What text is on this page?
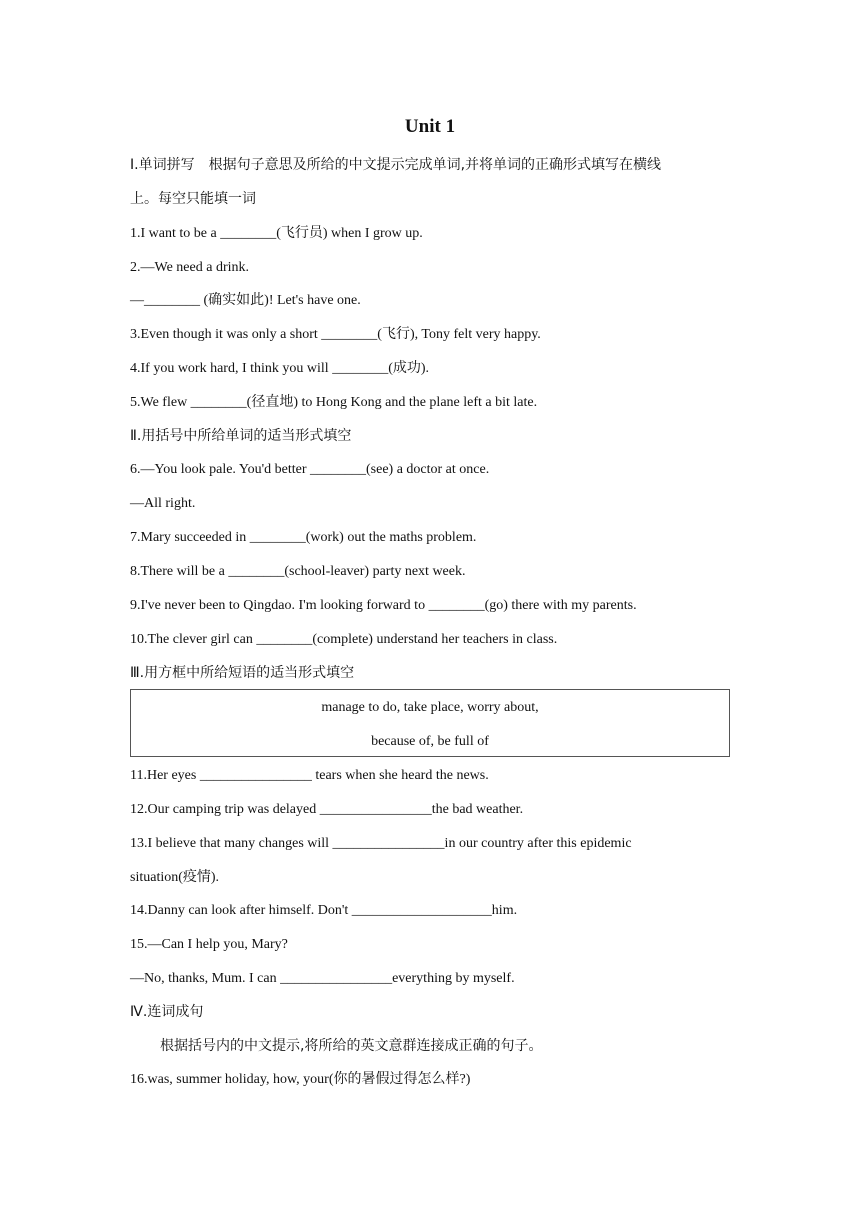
Unit 1
Ⅰ.单词拼写　根据句子意思及所给的中文提示完成单词,并将单词的正确形式填写在横线
上。每空只能填一词
1.I want to be a ________(飞行员) when I grow up.
2.—We need a drink.
—________ (确实如此)! Let's have one.
3.Even though it was only a short ________(飞行), Tony felt very happy.
4.If you work hard, I think you will ________(成功).
5.We flew ________(径直地) to Hong Kong and the plane left a bit late.
Ⅱ.用括号中所给单词的适当形式填空
6.—You look pale. You'd better ________(see) a doctor at once.
—All right.
7.Mary succeeded in ________(work) out the maths problem.
8.There will be a ________(school-leaver) party next week.
9.I've never been to Qingdao. I'm looking forward to ________(go) there with my parents.
10.The clever girl can ________(complete) understand her teachers in class.
Ⅲ.用方框中所给短语的适当形式填空
manage to do, take place, worry about,
because of, be full of
11.Her eyes ________________ tears when she heard the news.
12.Our camping trip was delayed ________________the bad weather.
13.I believe that many changes will ________________in our country after this epidemic
situation(疫情).
14.Danny can look after himself. Don't ____________________him.
15.—Can I help you, Mary?
—No, thanks, Mum. I can ________________everything by myself.
Ⅳ.连词成句
根据括号内的中文提示,将所给的英文意群连接成正确的句子。
16.was, summer holiday, how, your(你的暑假过得怎么样?)
